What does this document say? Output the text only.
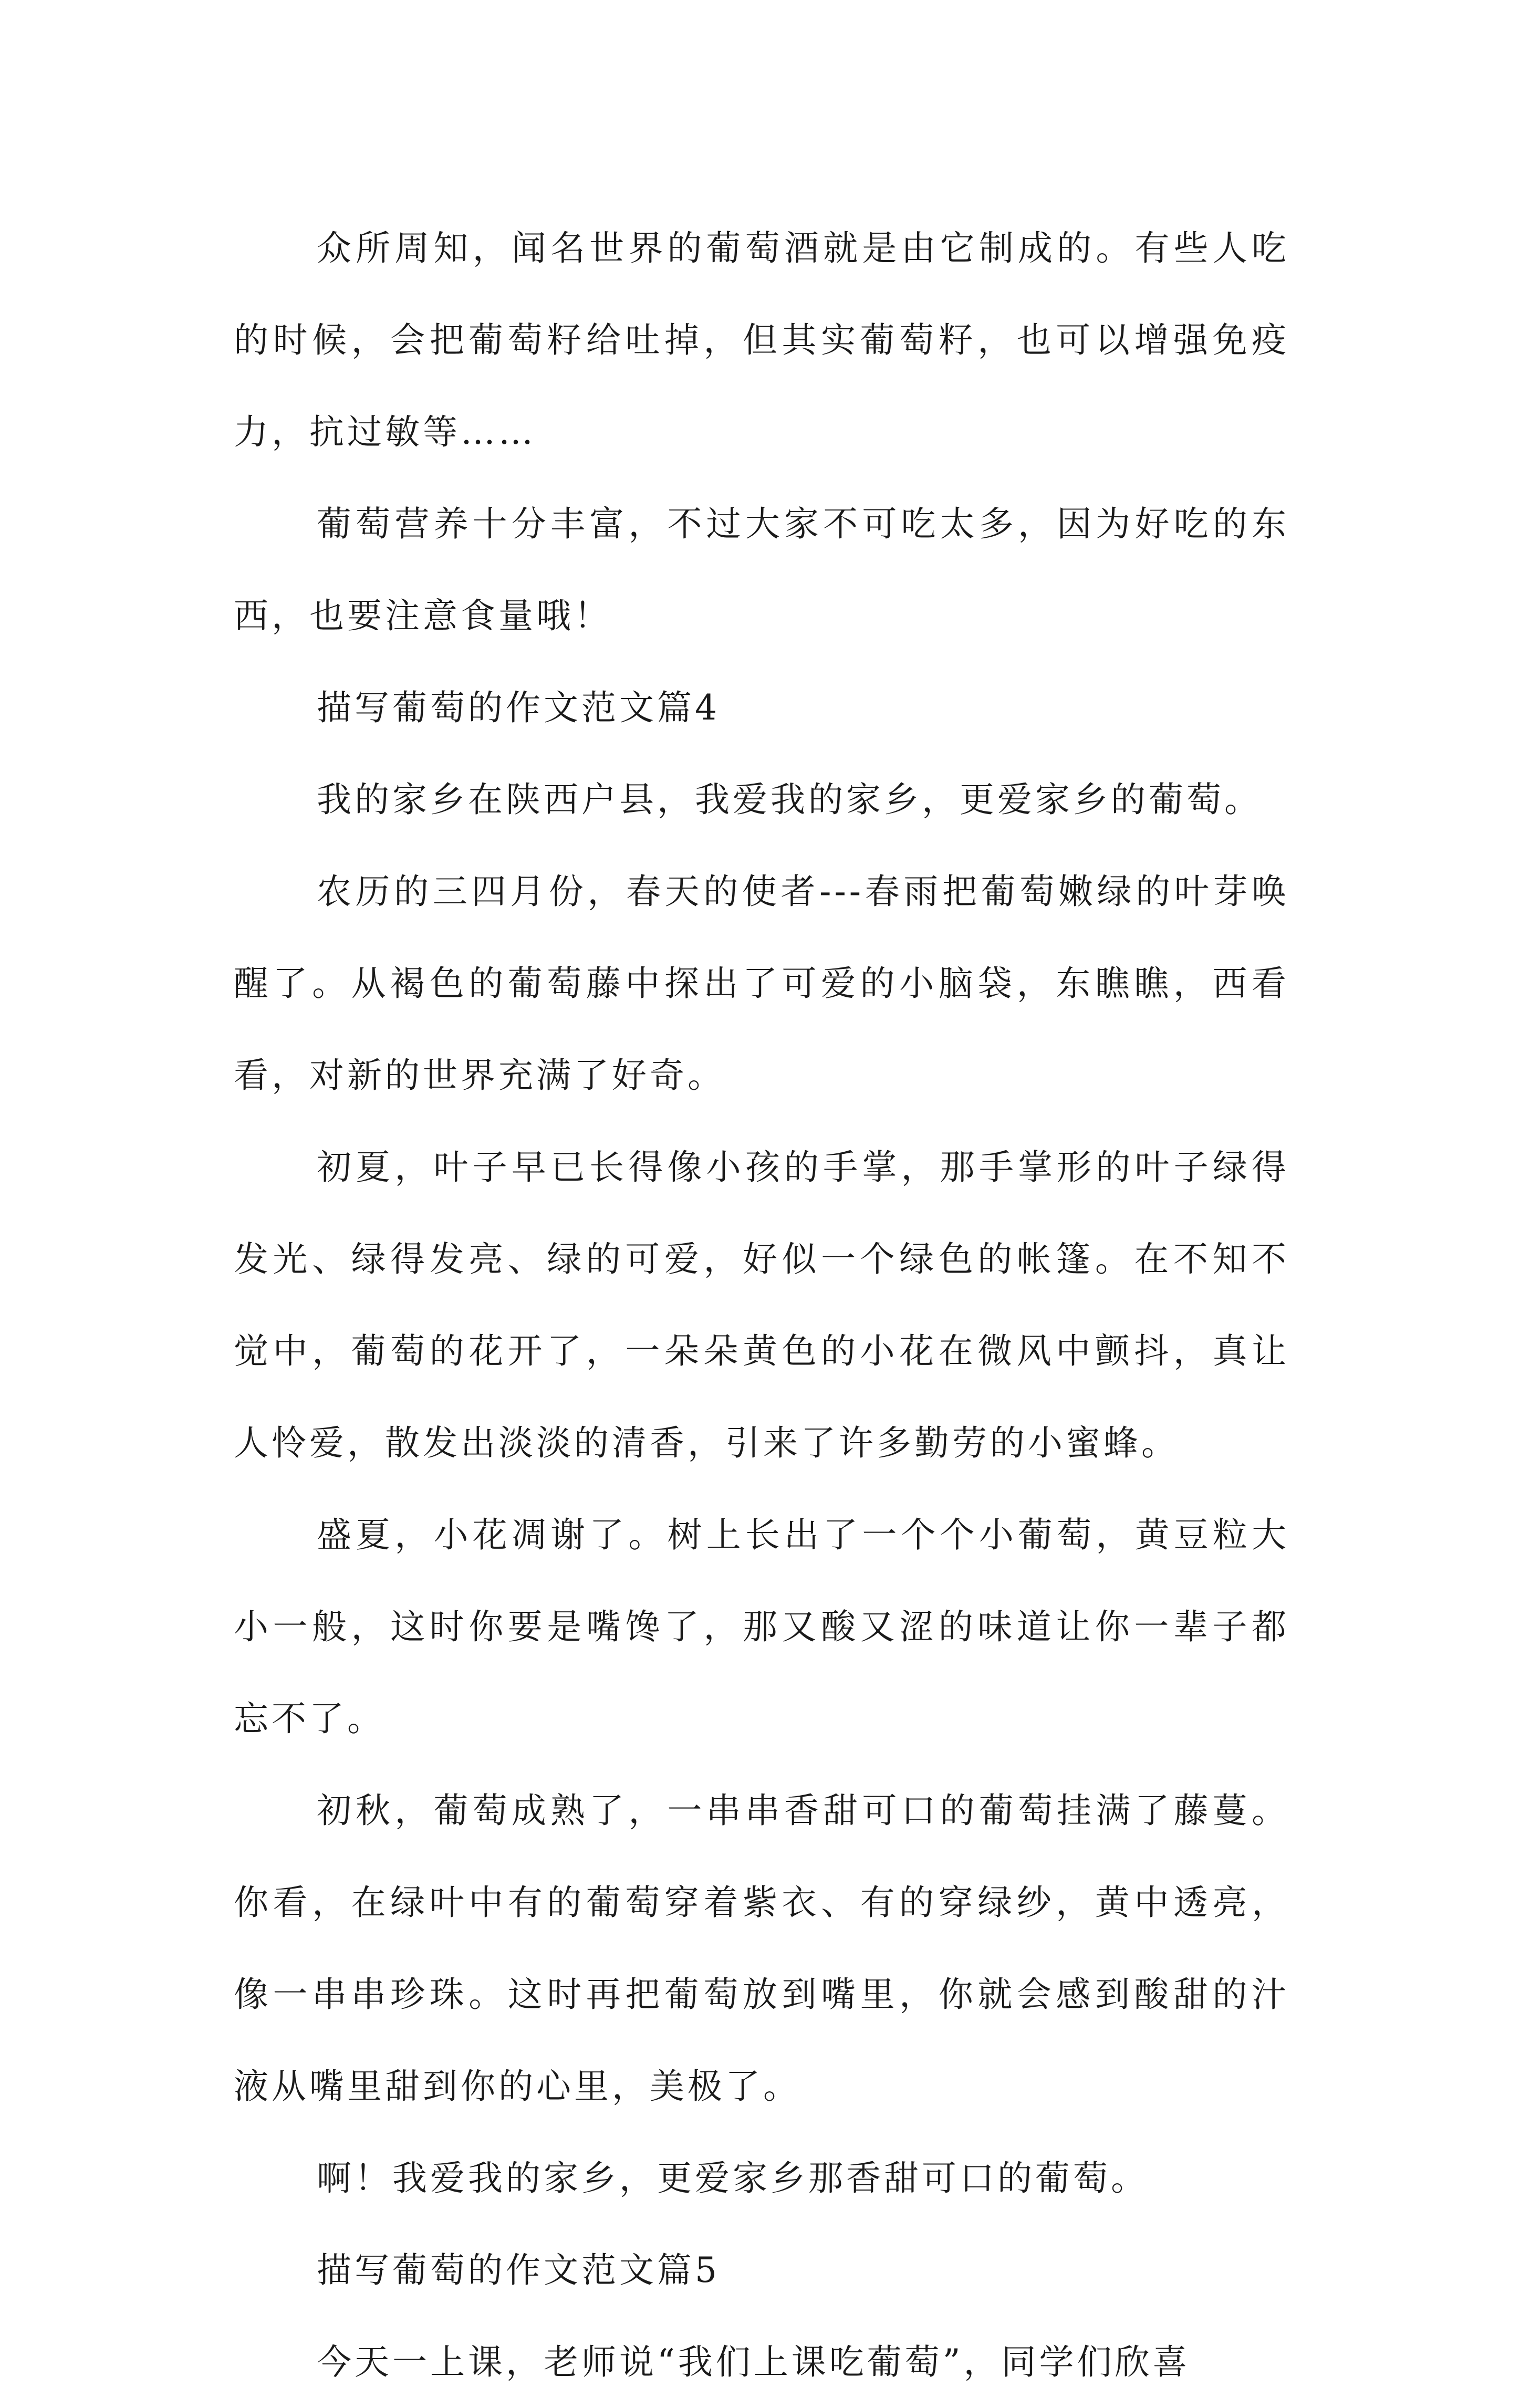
众所周知，闻名世界的葡萄酒就是由它制成的。有些人吃的时候，会把葡萄籽给吐掉，但其实葡萄籽，也可以增强免疫力，抗过敏等……

葡萄营养十分丰富，不过大家不可吃太多，因为好吃的东西，也要注意食量哦！

描写葡萄的作文范文篇4

我的家乡在陕西户县，我爱我的家乡，更爱家乡的葡萄。

农历的三四月份，春天的使者---春雨把葡萄嫩绿的叶芽唤醒了。从褐色的葡萄藤中探出了可爱的小脑袋，东瞧瞧，西看看，对新的世界充满了好奇。

初夏，叶子早已长得像小孩的手掌，那手掌形的叶子绿得发光、绿得发亮、绿的可爱，好似一个绿色的帐篷。在不知不觉中，葡萄的花开了，一朵朵黄色的小花在微风中颤抖，真让人怜爱，散发出淡淡的清香，引来了许多勤劳的小蜜蜂。

盛夏，小花凋谢了。树上长出了一个个小葡萄，黄豆粒大小一般，这时你要是嘴馋了，那又酸又涩的味道让你一辈子都忘不了。

初秋，葡萄成熟了，一串串香甜可口的葡萄挂满了藤蔓。你看，在绿叶中有的葡萄穿着紫衣、有的穿绿纱，黄中透亮，像一串串珍珠。这时再把葡萄放到嘴里，你就会感到酸甜的汁液从嘴里甜到你的心里，美极了。

啊！我爱我的家乡，更爱家乡那香甜可口的葡萄。

描写葡萄的作文范文篇5

今天一上课，老师说“我们上课吃葡萄”，同学们欣喜
